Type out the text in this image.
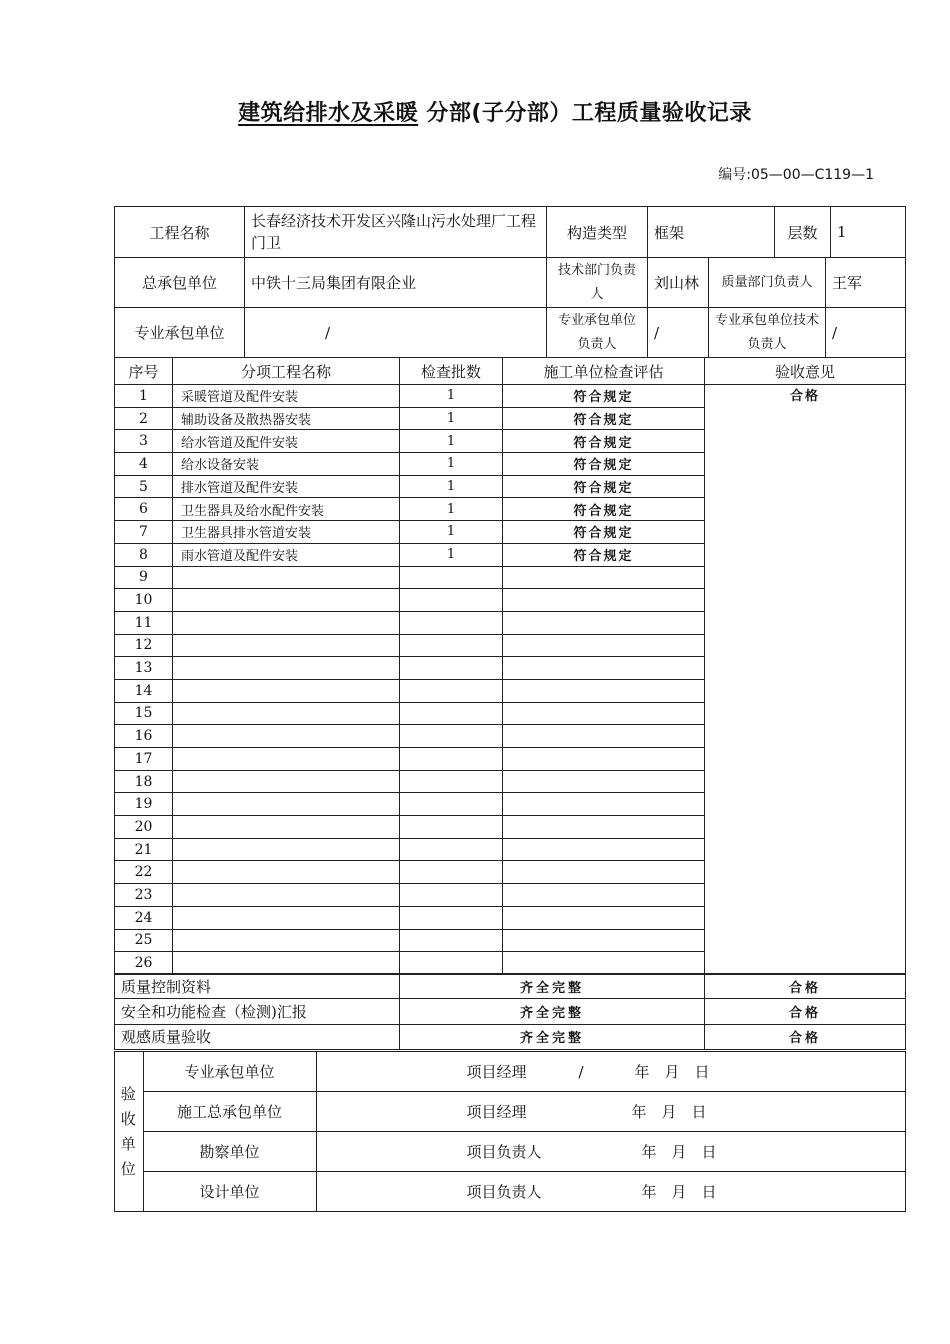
建筑给排水及采暖 分部(子分部）工程质量验收记录
编号:05—00—C119—1
工程名称	长春经济技术开发区兴隆山污水处理厂工程 门卫	构造类型	框架	层数	1
总承包单位	中铁十三局集团有限企业	技术部门负责人	刘山林	质量部门负责人	王军
专业承包单位	/	专业承包单位负责人	/	专业承包单位技术负责人	/
序号	分项工程名称	检查批数	施工单位检查评估	验收意见
1	采暖管道及配件安装	1	符合规定	合格
2	辅助设备及散热器安装	1	符合规定	
3	给水管道及配件安装	1	符合规定	
4	给水设备安装	1	符合规定	
5	排水管道及配件安装	1	符合规定	
6	卫生器具及给水配件安装	1	符合规定	
7	卫生器具排水管道安装	1	符合规定	
8	雨水管道及配件安装	1	符合规定	
9				
10				
11				
12				
13				
14				
15				
16				
17				
18				
19				
20				
21				
22				
23				
24				
25				
26				
质量控制资料	齐全完整	合格
安全和功能检查（检测)汇报	齐全完整	合格
观感质量验收	齐全完整	合格
验
收
单
位	专业承包单位	项目经理 / 年　月　日
	施工总承包单位	项目经理 年　月　日
	勘察单位	项目负责人 年　月　日
	设计单位	项目负责人 年　月　日
